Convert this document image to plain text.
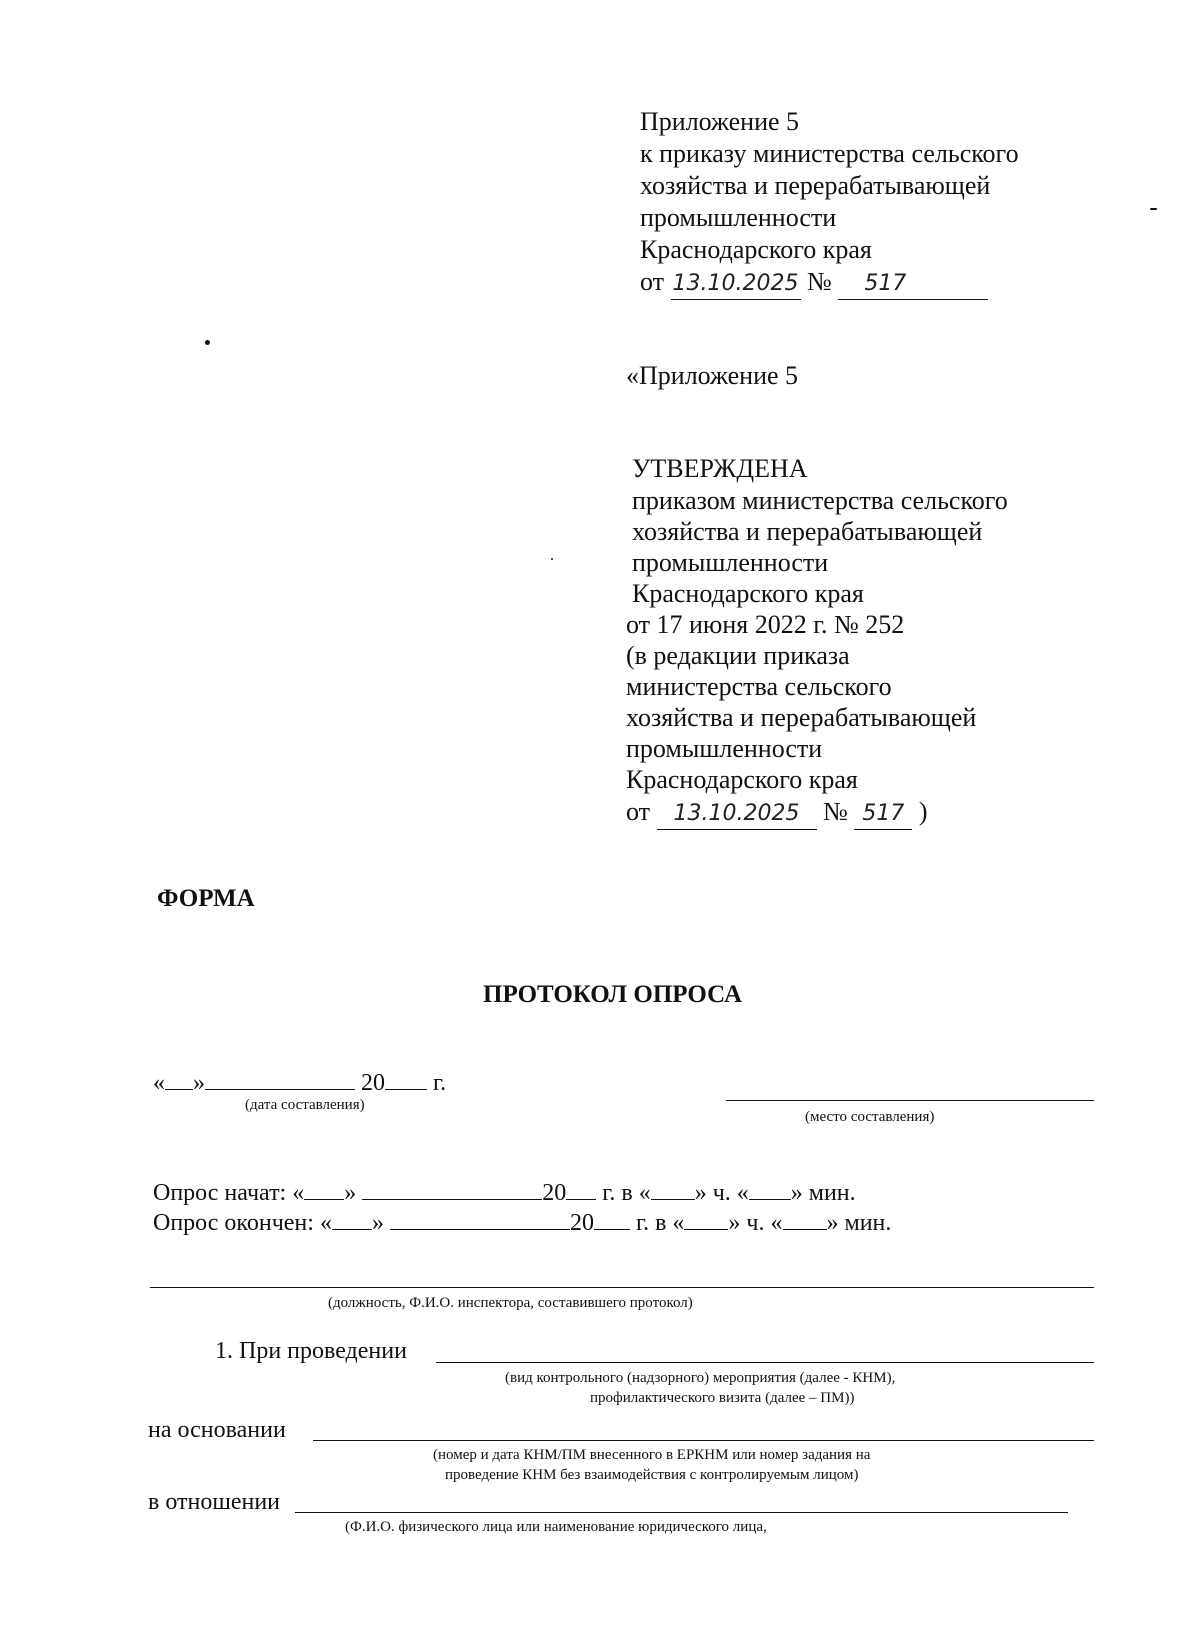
Приложение 5
к приказу министерства сельского
хозяйства и перерабатывающей
промышленности
Краснодарского края
от 13.10.2025 № 517
«Приложение 5
УТВЕРЖДЕНА
приказом министерства сельского
хозяйства и перерабатывающей
промышленности
Краснодарского края
от 17 июня 2022 г. № 252
(в редакции приказа
министерства сельского
хозяйства и перерабатывающей
промышленности
Краснодарского края
от 13.10.2025 № 517 )
ФОРМА
ПРОТОКОЛ ОПРОСА
« »	20 г.
(дата составления)
(место составления)
Опрос начат: « »	20 г. в « » ч. « » мин.
Опрос окончен: « »	20 г. в « » ч. « » мин.
(должность, Ф.И.О. инспектора, составившего протокол)
1. При проведении
(вид контрольного (надзорного) мероприятия (далее - КНМ),
профилактического визита (далее – ПМ))
на основании
(номер и дата КНМ/ПМ внесенного в ЕРКНМ или номер задания на
проведение КНМ без взаимодействия с контролируемым лицом)
в отношении
(Ф.И.О. физического лица или наименование юридического лица,
